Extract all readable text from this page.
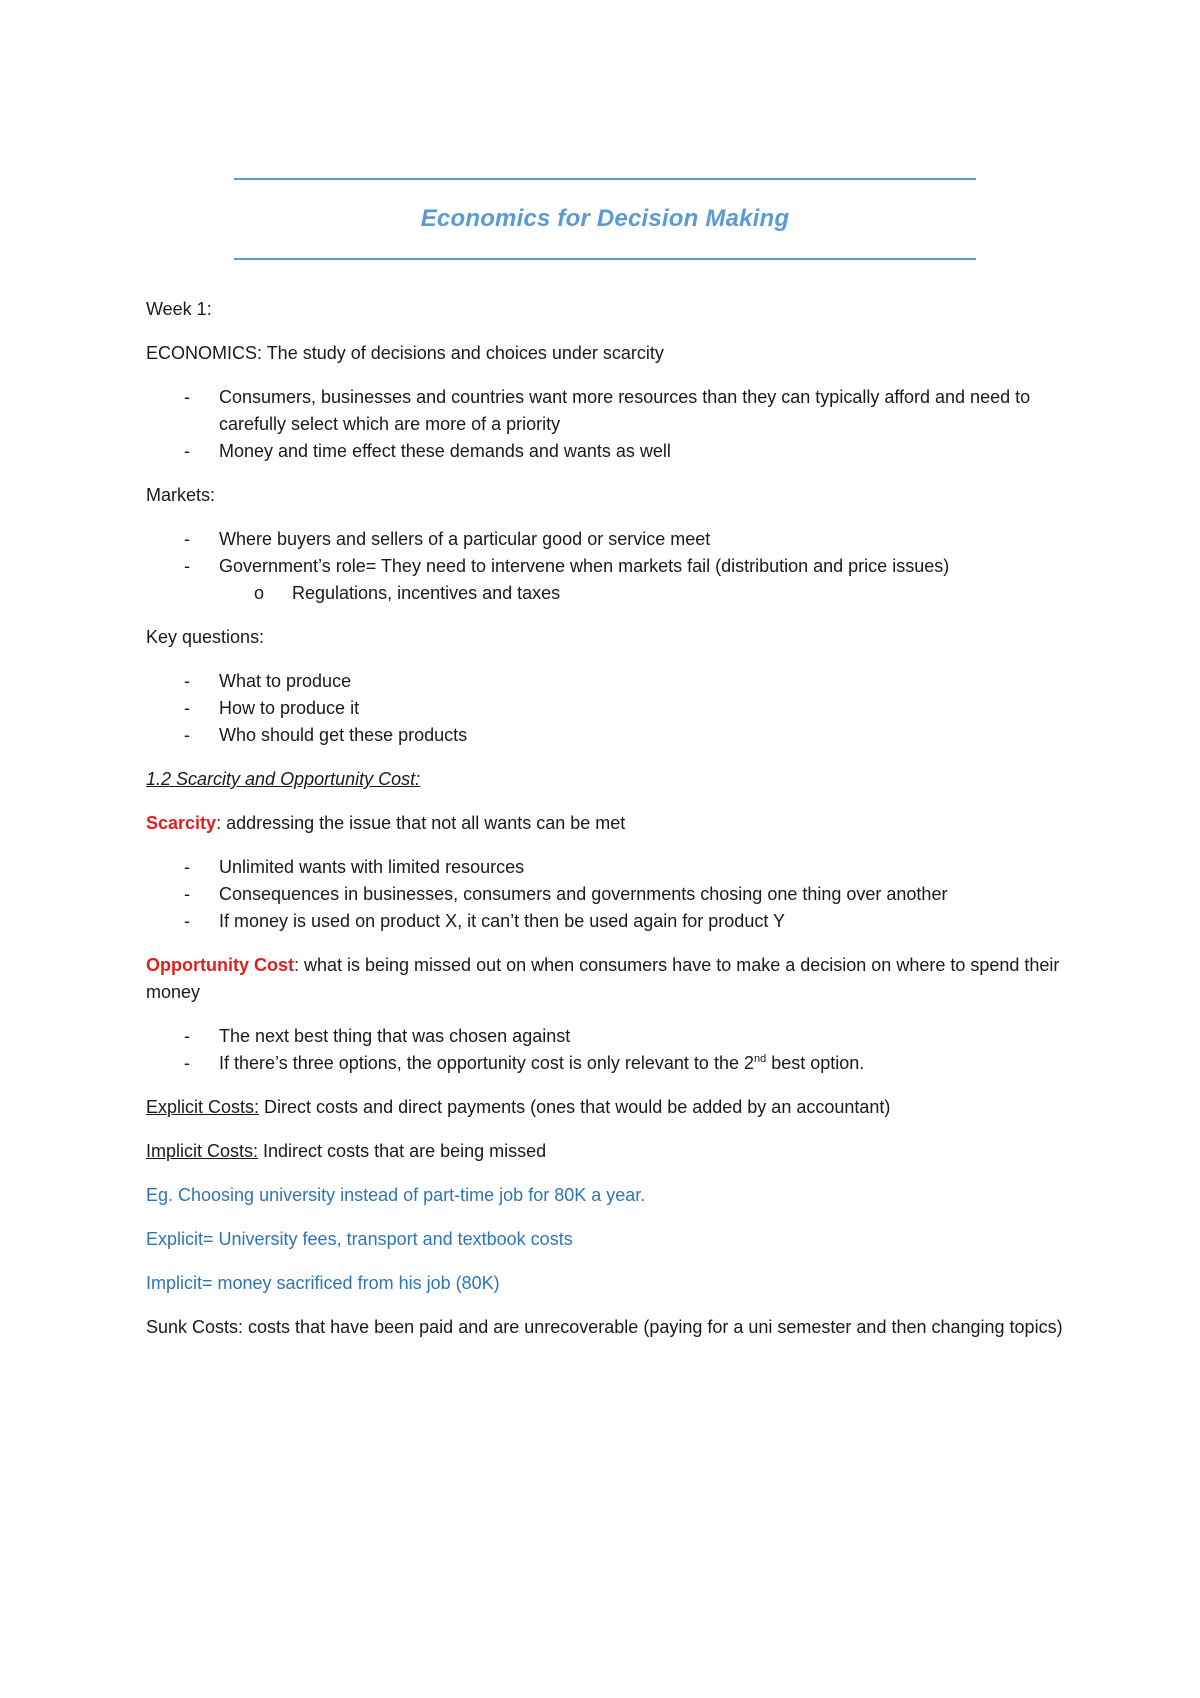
Economics for Decision Making

Week 1:

ECONOMICS: The study of decisions and choices under scarcity

- Consumers, businesses and countries want more resources than they can typically afford and need to carefully select which are more of a priority
- Money and time effect these demands and wants as well

Markets:

- Where buyers and sellers of a particular good or service meet
- Government’s role= They need to intervene when markets fail (distribution and price issues)
o Regulations, incentives and taxes

Key questions:

- What to produce
- How to produce it
- Who should get these products

1.2 Scarcity and Opportunity Cost:

Scarcity: addressing the issue that not all wants can be met

- Unlimited wants with limited resources
- Consequences in businesses, consumers and governments chosing one thing over another
- If money is used on product X, it can’t then be used again for product Y

Opportunity Cost: what is being missed out on when consumers have to make a decision on where to spend their money

- The next best thing that was chosen against
- If there’s three options, the opportunity cost is only relevant to the 2nd best option.

Explicit Costs: Direct costs and direct payments (ones that would be added by an accountant)

Implicit Costs: Indirect costs that are being missed

Eg. Choosing university instead of part-time job for 80K a year.

Explicit= University fees, transport and textbook costs

Implicit= money sacrificed from his job (80K)

Sunk Costs: costs that have been paid and are unrecoverable (paying for a uni semester and then changing topics)
